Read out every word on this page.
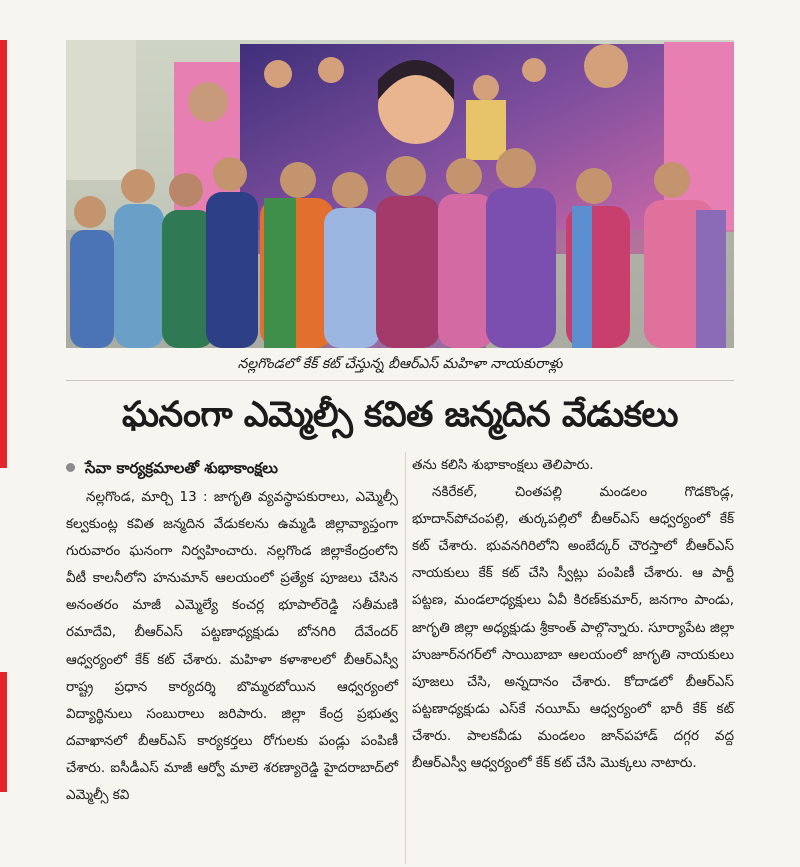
నల్లగొండలో కేక్ కట్ చేస్తున్న బీఆర్ఎస్ మహిళా నాయకురాళ్లు
ఘనంగా ఎమ్మెల్సీ కవిత జన్మదిన వేడుకలు
సేవా కార్యక్రమాలతో శుభాకాంక్షలు

నల్లగొండ, మార్చి 13 : జాగృతి వ్యవస్థాపకురాలు, ఎమ్మెల్సీ కల్వకుంట్ల కవిత జన్మదిన వేడుకలను ఉమ్మడి జిల్లావ్యాప్తంగా గురువారం ఘనంగా నిర్వహించారు. నల్లగొండ జిల్లాకేంద్రంలోని వీటీ కాలనీలోని హనుమాన్ ఆలయంలో ప్రత్యేక పూజలు చేసిన అనంతరం మాజీ ఎమ్మెల్యే కంచర్ల భూపాల్‌రెడ్డి సతీమణి రమాదేవి, బీఆర్ఎస్ పట్టణాధ్యక్షుడు బోనగిరి దేవేందర్ ఆధ్వర్యంలో కేక్ కట్ చేశారు. మహిళా కళాశాలలో బీఆర్ఎస్వీ రాష్ట్ర ప్రధాన కార్యదర్శి బొమ్మరబోయిన ఆధ్వర్యంలో విద్యార్థినులు సంబురాలు జరిపారు. జిల్లా కేంద్ర ప్రభుత్వ దవాఖానలో బీఆర్ఎస్ కార్యకర్తలు రోగులకు పండ్లు పంపిణీ చేశారు. ఐసీడీఎస్ మాజీ ఆర్వో మాలె శరణ్యారెడ్డి హైదరాబాద్‌లో ఎమ్మెల్సీ కవి

తను కలిసి శుభాకాంక్షలు తెలిపారు.

నకిరేకల్, చింతపల్లి మండలం గొడకొండ్ల, భూదాన్‌పోచంపల్లి, తుర్కపల్లిలో బీఆర్ఎస్ ఆధ్వర్యంలో కేక్ కట్ చేశారు. భువనగిరిలోని అంబేద్కర్ చౌరస్తాలో బీఆర్ఎస్ నాయకులు కేక్ కట్ చేసి స్వీట్లు పంపిణీ చేశారు. ఆ పార్టీ పట్టణ, మండలాధ్యక్షులు ఏవీ కిరణ్‌కుమార్, జనగాం పాండు, జాగృతి జిల్లా అధ్యక్షుడు శ్రీకాంత్ పాల్గొన్నారు. సూర్యాపేట జిల్లా హుజూర్‌నగర్‌లో సాయిబాబా ఆలయంలో జాగృతి నాయకులు పూజలు చేసి, అన్నదానం చేశారు. కోదాడలో బీఆర్ఎస్ పట్టణాధ్యక్షుడు ఎస్‌కే నయీమ్ ఆధ్వర్యంలో భారీ కేక్ కట్ చేశారు. పాలకవీడు మండలం జాన్‌పహాడ్ దగ్గర వద్ద బీఆర్ఎస్వీ ఆధ్వర్యంలో కేక్ కట్ చేసి మొక్కలు నాటారు.
